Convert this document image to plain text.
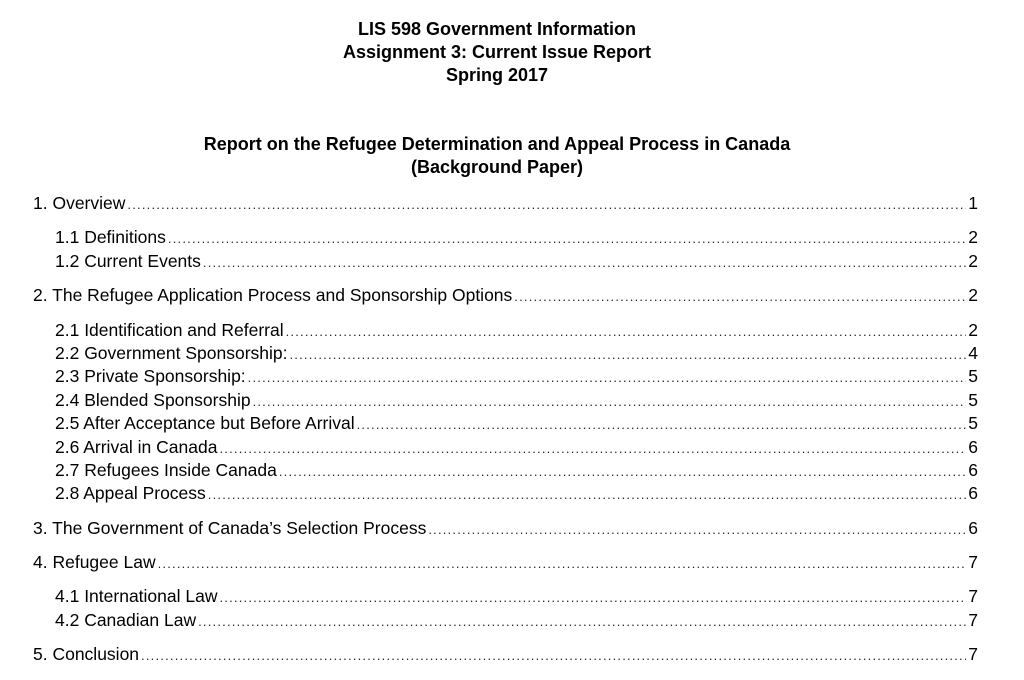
LIS 598 Government Information
Assignment 3: Current Issue Report
Spring 2017
Report on the Refugee Determination and Appeal Process in Canada
(Background Paper)
1. Overview .....	1
1.1 Definitions .....	2
1.2 Current Events .....	2
2. The Refugee Application Process and Sponsorship Options .....	2
2.1 Identification and Referral .....	2
2.2 Government Sponsorship: .....	4
2.3 Private Sponsorship: .....	5
2.4 Blended Sponsorship .....	5
2.5 After Acceptance but Before Arrival .....	5
2.6 Arrival in Canada .....	6
2.7 Refugees Inside Canada .....	6
2.8 Appeal Process .....	6
3. The Government of Canada’s Selection Process .....	6
4. Refugee Law .....	7
4.1 International Law .....	7
4.2 Canadian Law .....	7
5. Conclusion .....	7
